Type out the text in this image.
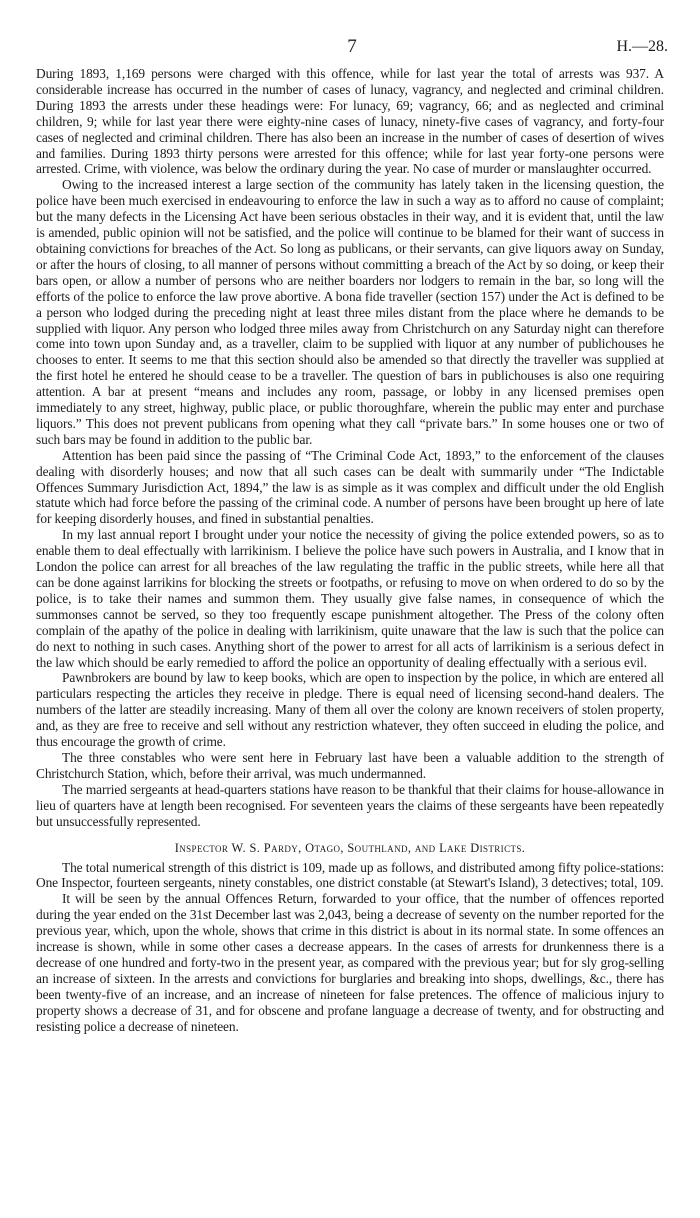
7	H.—28.

During 1893, 1,169 persons were charged with this offence, while for last year the total of arrests was 937. A considerable increase has occurred in the number of cases of lunacy, vagrancy, and neglected and criminal children. During 1893 the arrests under these headings were: For lunacy, 69; vagrancy, 66; and as neglected and criminal children, 9; while for last year there were eighty-nine cases of lunacy, ninety-five cases of vagrancy, and forty-four cases of neglected and criminal children. There has also been an increase in the number of cases of desertion of wives and families. During 1893 thirty persons were arrested for this offence; while for last year forty-one persons were arrested. Crime, with violence, was below the ordinary during the year. No case of murder or manslaughter occurred.

Owing to the increased interest a large section of the community has lately taken in the licensing question, the police have been much exercised in endeavouring to enforce the law in such a way as to afford no cause of complaint; but the many defects in the Licensing Act have been serious obstacles in their way, and it is evident that, until the law is amended, public opinion will not be satisfied, and the police will continue to be blamed for their want of success in obtaining convictions for breaches of the Act. So long as publicans, or their servants, can give liquors away on Sunday, or after the hours of closing, to all manner of persons without committing a breach of the Act by so doing, or keep their bars open, or allow a number of persons who are neither boarders nor lodgers to remain in the bar, so long will the efforts of the police to enforce the law prove abortive. A bona fide traveller (section 157) under the Act is defined to be a person who lodged during the preceding night at least three miles distant from the place where he demands to be supplied with liquor. Any person who lodged three miles away from Christchurch on any Saturday night can therefore come into town upon Sunday and, as a traveller, claim to be supplied with liquor at any number of publichouses he chooses to enter. It seems to me that this section should also be amended so that directly the traveller was supplied at the first hotel he entered he should cease to be a traveller. The question of bars in publichouses is also one requiring attention. A bar at present “means and includes any room, passage, or lobby in any licensed premises open immediately to any street, highway, public place, or public thoroughfare, wherein the public may enter and purchase liquors.” This does not prevent publicans from opening what they call “private bars.” In some houses one or two of such bars may be found in addition to the public bar.

Attention has been paid since the passing of “The Criminal Code Act, 1893,” to the enforcement of the clauses dealing with disorderly houses; and now that all such cases can be dealt with summarily under “The Indictable Offences Summary Jurisdiction Act, 1894,” the law is as simple as it was complex and difficult under the old English statute which had force before the passing of the criminal code. A number of persons have been brought up here of late for keeping disorderly houses, and fined in substantial penalties.

In my last annual report I brought under your notice the necessity of giving the police extended powers, so as to enable them to deal effectually with larrikinism. I believe the police have such powers in Australia, and I know that in London the police can arrest for all breaches of the law regulating the traffic in the public streets, while here all that can be done against larrikins for blocking the streets or footpaths, or refusing to move on when ordered to do so by the police, is to take their names and summon them. They usually give false names, in consequence of which the summonses cannot be served, so they too frequently escape punishment altogether. The Press of the colony often complain of the apathy of the police in dealing with larrikinism, quite unaware that the law is such that the police can do next to nothing in such cases. Anything short of the power to arrest for all acts of larrikinism is a serious defect in the law which should be early remedied to afford the police an opportunity of dealing effectually with a serious evil.

Pawnbrokers are bound by law to keep books, which are open to inspection by the police, in which are entered all particulars respecting the articles they receive in pledge. There is equal need of licensing second-hand dealers. The numbers of the latter are steadily increasing. Many of them all over the colony are known receivers of stolen property, and, as they are free to receive and sell without any restriction whatever, they often succeed in eluding the police, and thus encourage the growth of crime.

The three constables who were sent here in February last have been a valuable addition to the strength of Christchurch Station, which, before their arrival, was much undermanned.

The married sergeants at head-quarters stations have reason to be thankful that their claims for house-allowance in lieu of quarters have at length been recognised. For seventeen years the claims of these sergeants have been repeatedly but unsuccessfully represented.

Inspector W. S. Pardy, Otago, Southland, and Lake Districts.

The total numerical strength of this district is 109, made up as follows, and distributed among fifty police-stations: One Inspector, fourteen sergeants, ninety constables, one district constable (at Stewart's Island), 3 detectives; total, 109.

It will be seen by the annual Offences Return, forwarded to your office, that the number of offences reported during the year ended on the 31st December last was 2,043, being a decrease of seventy on the number reported for the previous year, which, upon the whole, shows that crime in this district is about in its normal state. In some offences an increase is shown, while in some other cases a decrease appears. In the cases of arrests for drunkenness there is a decrease of one hundred and forty-two in the present year, as compared with the previous year; but for sly grog-selling an increase of sixteen. In the arrests and convictions for burglaries and breaking into shops, dwellings, &c., there has been twenty-five of an increase, and an increase of nineteen for false pretences. The offence of malicious injury to property shows a decrease of 31, and for obscene and profane language a decrease of twenty, and for obstructing and resisting police a decrease of nineteen.
